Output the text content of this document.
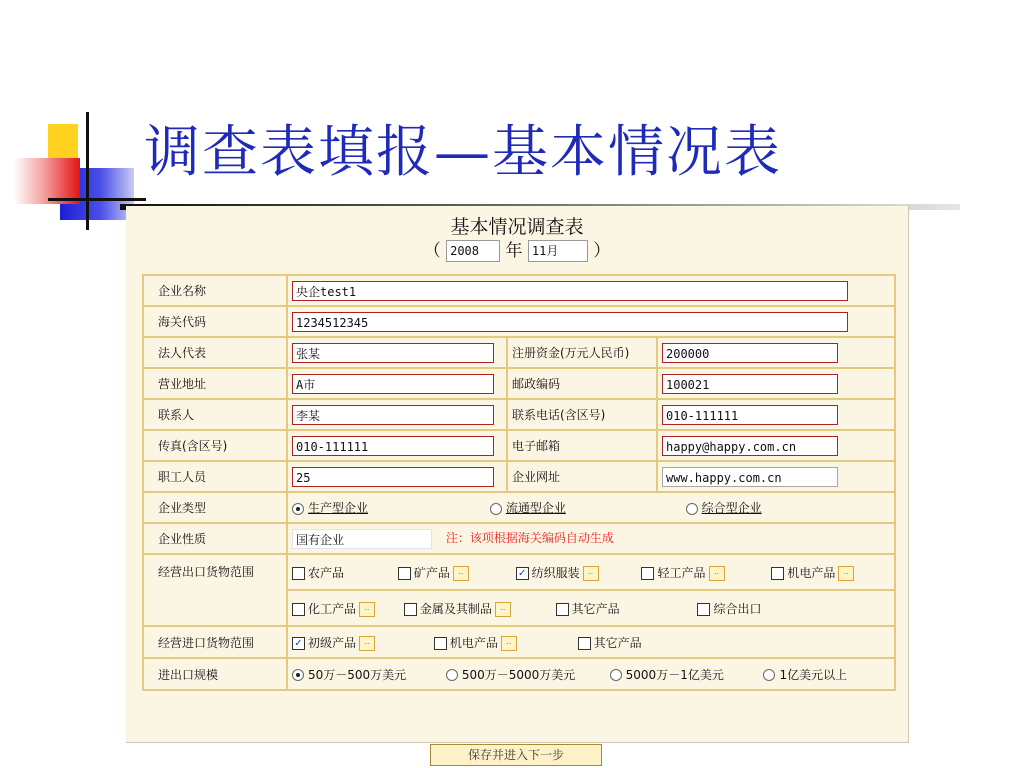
调查表填报—基本情况表
基本情况调查表
（ 2008 年 11月 ）
企业名称	央企test1		
海关代码	1234512345		
法人代表	张某	注册资金(万元人民币)	200000
营业地址	A市	邮政编码	100021
联系人	李某	联系电话(含区号)	010-111111
传真(含区号)	010-111111	电子邮箱	happy@happy.com.cn
职工人员	25	企业网址	www.happy.com.cn
企业类型	生产型企业 流通型企业 综合型企业		
企业性质	国有企业 注：该项根据海关编码自动生成		
经营出口货物范围	农产品 矿产品 .. ✓ 纺织服装 .. 轻工产品 .. 机电产品 ..		
	化工产品 .. 金属及其制品 .. 其它产品 综合出口		
经营进口货物范围	✓ 初级产品 .. 机电产品 .. 其它产品		
进出口规模	50万－500万美元 500万－5000万美元 5000万－1亿美元 1亿美元以上		
保存并进入下一步
